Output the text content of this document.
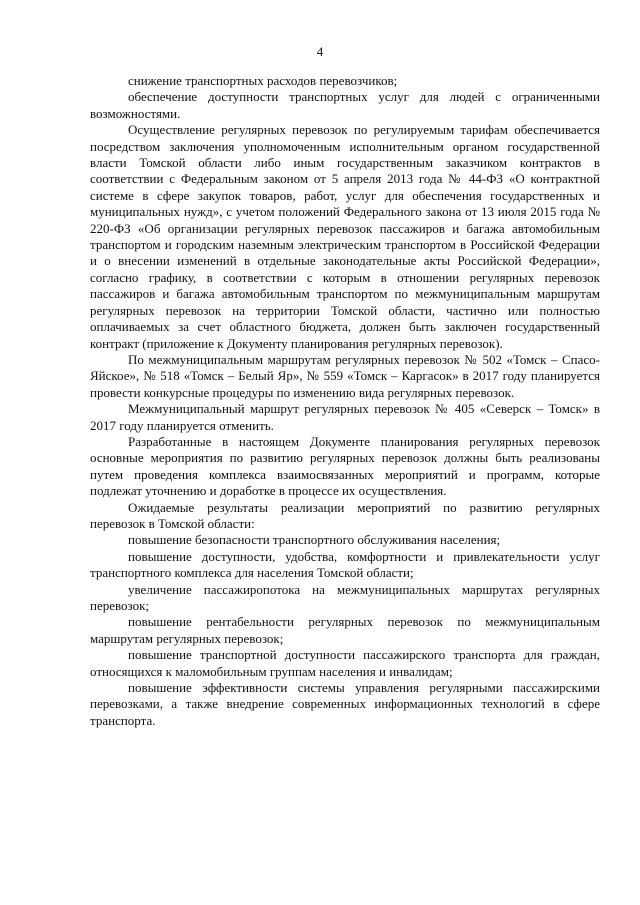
4

снижение транспортных расходов перевозчиков;

обеспечение доступности транспортных услуг для людей с ограниченными возможностями.

Осуществление регулярных перевозок по регулируемым тарифам обеспечивается посредством заключения уполномоченным исполнительным органом государственной власти Томской области либо иным государственным заказчиком контрактов в соответствии с Федеральным законом от 5 апреля 2013 года № 44-ФЗ «О контрактной системе в сфере закупок товаров, работ, услуг для обеспечения государственных и муниципальных нужд», с учетом положений Федерального закона от 13 июля 2015 года № 220-ФЗ «Об организации регулярных перевозок пассажиров и багажа автомобильным транспортом и городским наземным электрическим транспортом в Российской Федерации и о внесении изменений в отдельные законодательные акты Российской Федерации», согласно графику, в соответствии с которым в отношении регулярных перевозок пассажиров и багажа автомобильным транспортом по межмуниципальным маршрутам регулярных перевозок на территории Томской области, частично или полностью оплачиваемых за счет областного бюджета, должен быть заключен государственный контракт (приложение к Документу планирования регулярных перевозок).

По межмуниципальным маршрутам регулярных перевозок № 502 «Томск – Спасо-Яйское», № 518 «Томск – Белый Яр», № 559 «Томск – Каргасок» в 2017 году планируется провести конкурсные процедуры по изменению вида регулярных перевозок.

Межмуниципальный маршрут регулярных перевозок № 405 «Северск – Томск» в 2017 году планируется отменить.

Разработанные в настоящем Документе планирования регулярных перевозок основные мероприятия по развитию регулярных перевозок должны быть реализованы путем проведения комплекса взаимосвязанных мероприятий и программ, которые подлежат уточнению и доработке в процессе их осуществления.

Ожидаемые результаты реализации мероприятий по развитию регулярных перевозок в Томской области:

повышение безопасности транспортного обслуживания населения;

повышение доступности, удобства, комфортности и привлекательности услуг транспортного комплекса для населения Томской области;

увеличение пассажиропотока на межмуниципальных маршрутах регулярных перевозок;

повышение рентабельности регулярных перевозок по межмуниципальным маршрутам регулярных перевозок;

повышение транспортной доступности пассажирского транспорта для граждан, относящихся к маломобильным группам населения и инвалидам;

повышение эффективности системы управления регулярными пассажирскими перевозками, а также внедрение современных информационных технологий в сфере транспорта.
